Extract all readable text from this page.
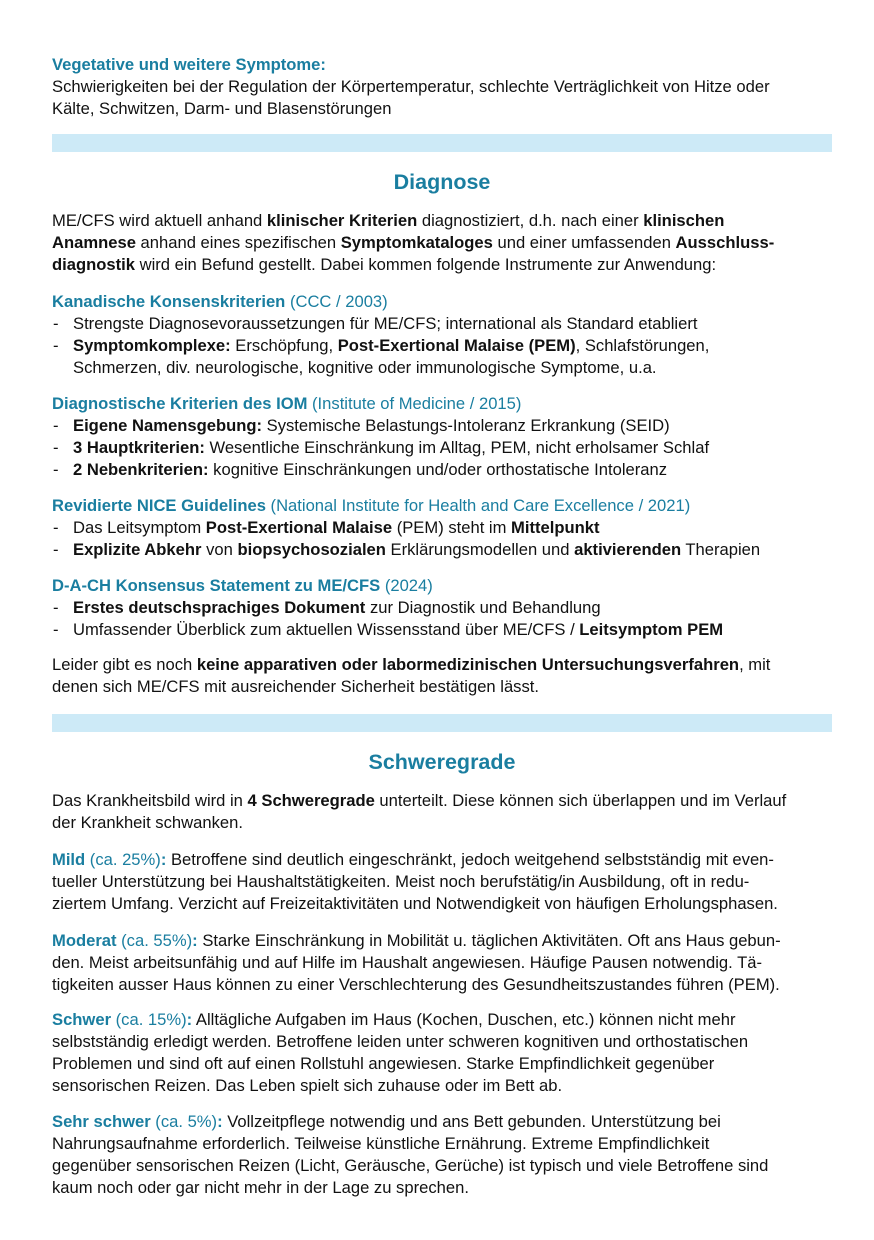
Vegetative und weitere Symptome:
Schwierigkeiten bei der Regulation der Körpertemperatur, schlechte Verträglichkeit von Hitze oder
Kälte, Schwitzen, Darm- und Blasenstörungen
Diagnose
ME/CFS wird aktuell anhand klinischer Kriterien diagnostiziert, d.h. nach einer klinischen
Anamnese anhand eines spezifischen Symptomkataloges und einer umfassenden Ausschluss-
diagnostik wird ein Befund gestellt. Dabei kommen folgende Instrumente zur Anwendung:
Kanadische Konsenskriterien (CCC / 2003)
- Strengste Diagnosevoraussetzungen für ME/CFS; international als Standard etabliert
- Symptomkomplexe: Erschöpfung, Post-Exertional Malaise (PEM), Schlafstörungen,
Schmerzen, div. neurologische, kognitive oder immunologische Symptome, u.a.
Diagnostische Kriterien des IOM (Institute of Medicine / 2015)
- Eigene Namensgebung: Systemische Belastungs-Intoleranz Erkrankung (SEID)
- 3 Hauptkriterien: Wesentliche Einschränkung im Alltag, PEM, nicht erholsamer Schlaf
- 2 Nebenkriterien: kognitive Einschränkungen und/oder orthostatische Intoleranz
Revidierte NICE Guidelines (National Institute for Health and Care Excellence / 2021)
- Das Leitsymptom Post-Exertional Malaise (PEM) steht im Mittelpunkt
- Explizite Abkehr von biopsychosozialen Erklärungsmodellen und aktivierenden Therapien
D-A-CH Konsensus Statement zu ME/CFS (2024)
- Erstes deutschsprachiges Dokument zur Diagnostik und Behandlung
- Umfassender Überblick zum aktuellen Wissensstand über ME/CFS / Leitsymptom PEM
Leider gibt es noch keine apparativen oder labormedizinischen Untersuchungsverfahren, mit
denen sich ME/CFS mit ausreichender Sicherheit bestätigen lässt.
Schweregrade
Das Krankheitsbild wird in 4 Schweregrade unterteilt. Diese können sich überlappen und im Verlauf
der Krankheit schwanken.
Mild (ca. 25%): Betroffene sind deutlich eingeschränkt, jedoch weitgehend selbstständig mit even-
tueller Unterstützung bei Haushaltstätigkeiten. Meist noch berufstätig/in Ausbildung, oft in redu-
ziertem Umfang. Verzicht auf Freizeitaktivitäten und Notwendigkeit von häufigen Erholungsphasen.
Moderat (ca. 55%): Starke Einschränkung in Mobilität u. täglichen Aktivitäten. Oft ans Haus gebun-
den. Meist arbeitsunfähig und auf Hilfe im Haushalt angewiesen. Häufige Pausen notwendig. Tä-
tigkeiten ausser Haus können zu einer Verschlechterung des Gesundheitszustandes führen (PEM).
Schwer (ca. 15%): Alltägliche Aufgaben im Haus (Kochen, Duschen, etc.) können nicht mehr
selbstständig erledigt werden. Betroffene leiden unter schweren kognitiven und orthostatischen
Problemen und sind oft auf einen Rollstuhl angewiesen. Starke Empfindlichkeit gegenüber
sensorischen Reizen. Das Leben spielt sich zuhause oder im Bett ab.
Sehr schwer (ca. 5%): Vollzeitpflege notwendig und ans Bett gebunden. Unterstützung bei
Nahrungsaufnahme erforderlich. Teilweise künstliche Ernährung. Extreme Empfindlichkeit
gegenüber sensorischen Reizen (Licht, Geräusche, Gerüche) ist typisch und viele Betroffene sind
kaum noch oder gar nicht mehr in der Lage zu sprechen.
